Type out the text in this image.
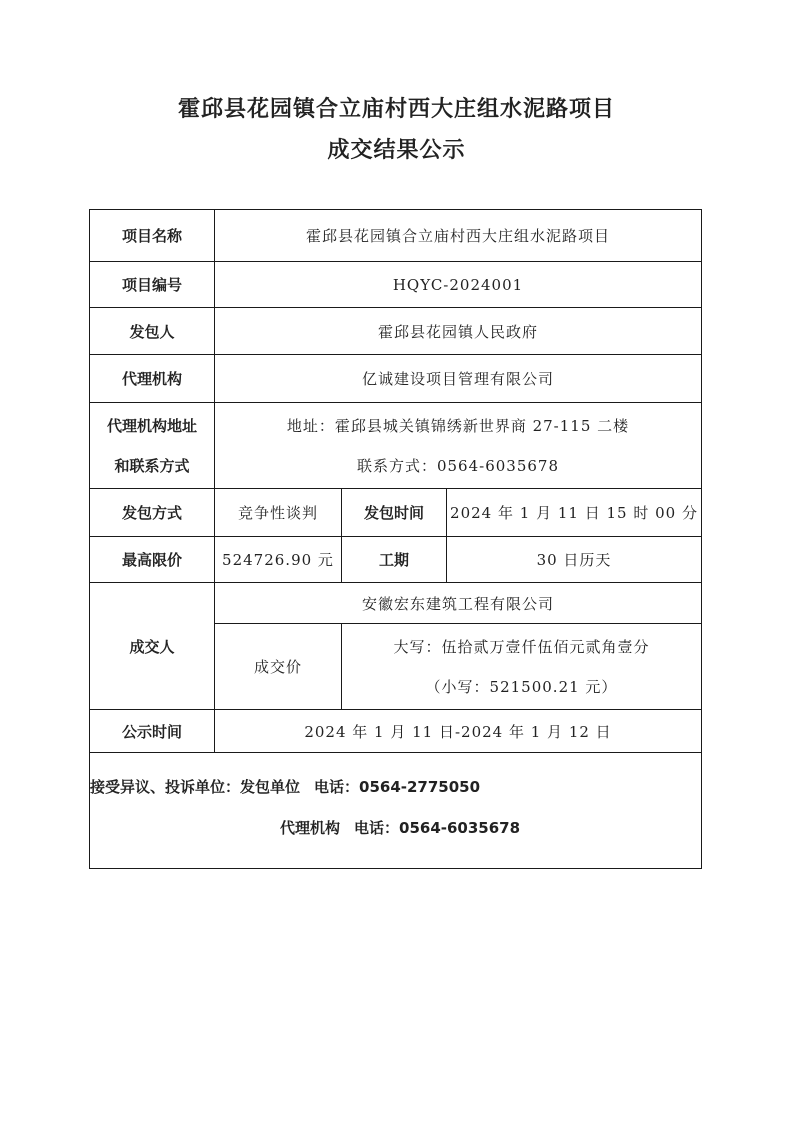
霍邱县花园镇合立庙村西大庄组水泥路项目
成交结果公示
项目名称	霍邱县花园镇合立庙村西大庄组水泥路项目		
项目编号	HQYC-2024001		
发包人	霍邱县花园镇人民政府		
代理机构	亿诚建设项目管理有限公司		

代理机构地址
和联系方式	地址：霍邱县城关镇锦绣新世界商 27-115 二楼
联系方式：0564-6035678		

发包方式	竞争性谈判	发包时间	2024 年 1 月 11 日 15 时 00 分
最高限价	524726.90 元	工期	30 日历天
成交人	安徽宏东建筑工程有限公司		
	成交价	大写：伍拾贰万壹仟伍佰元贰角壹分
（小写：521500.21 元）	

公示时间	2024 年 1 月 11 日-2024 年 1 月 12 日		

接受异议、投诉单位：发包单位 电话：0564-2775050
代理机构 电话：0564-6035678			
